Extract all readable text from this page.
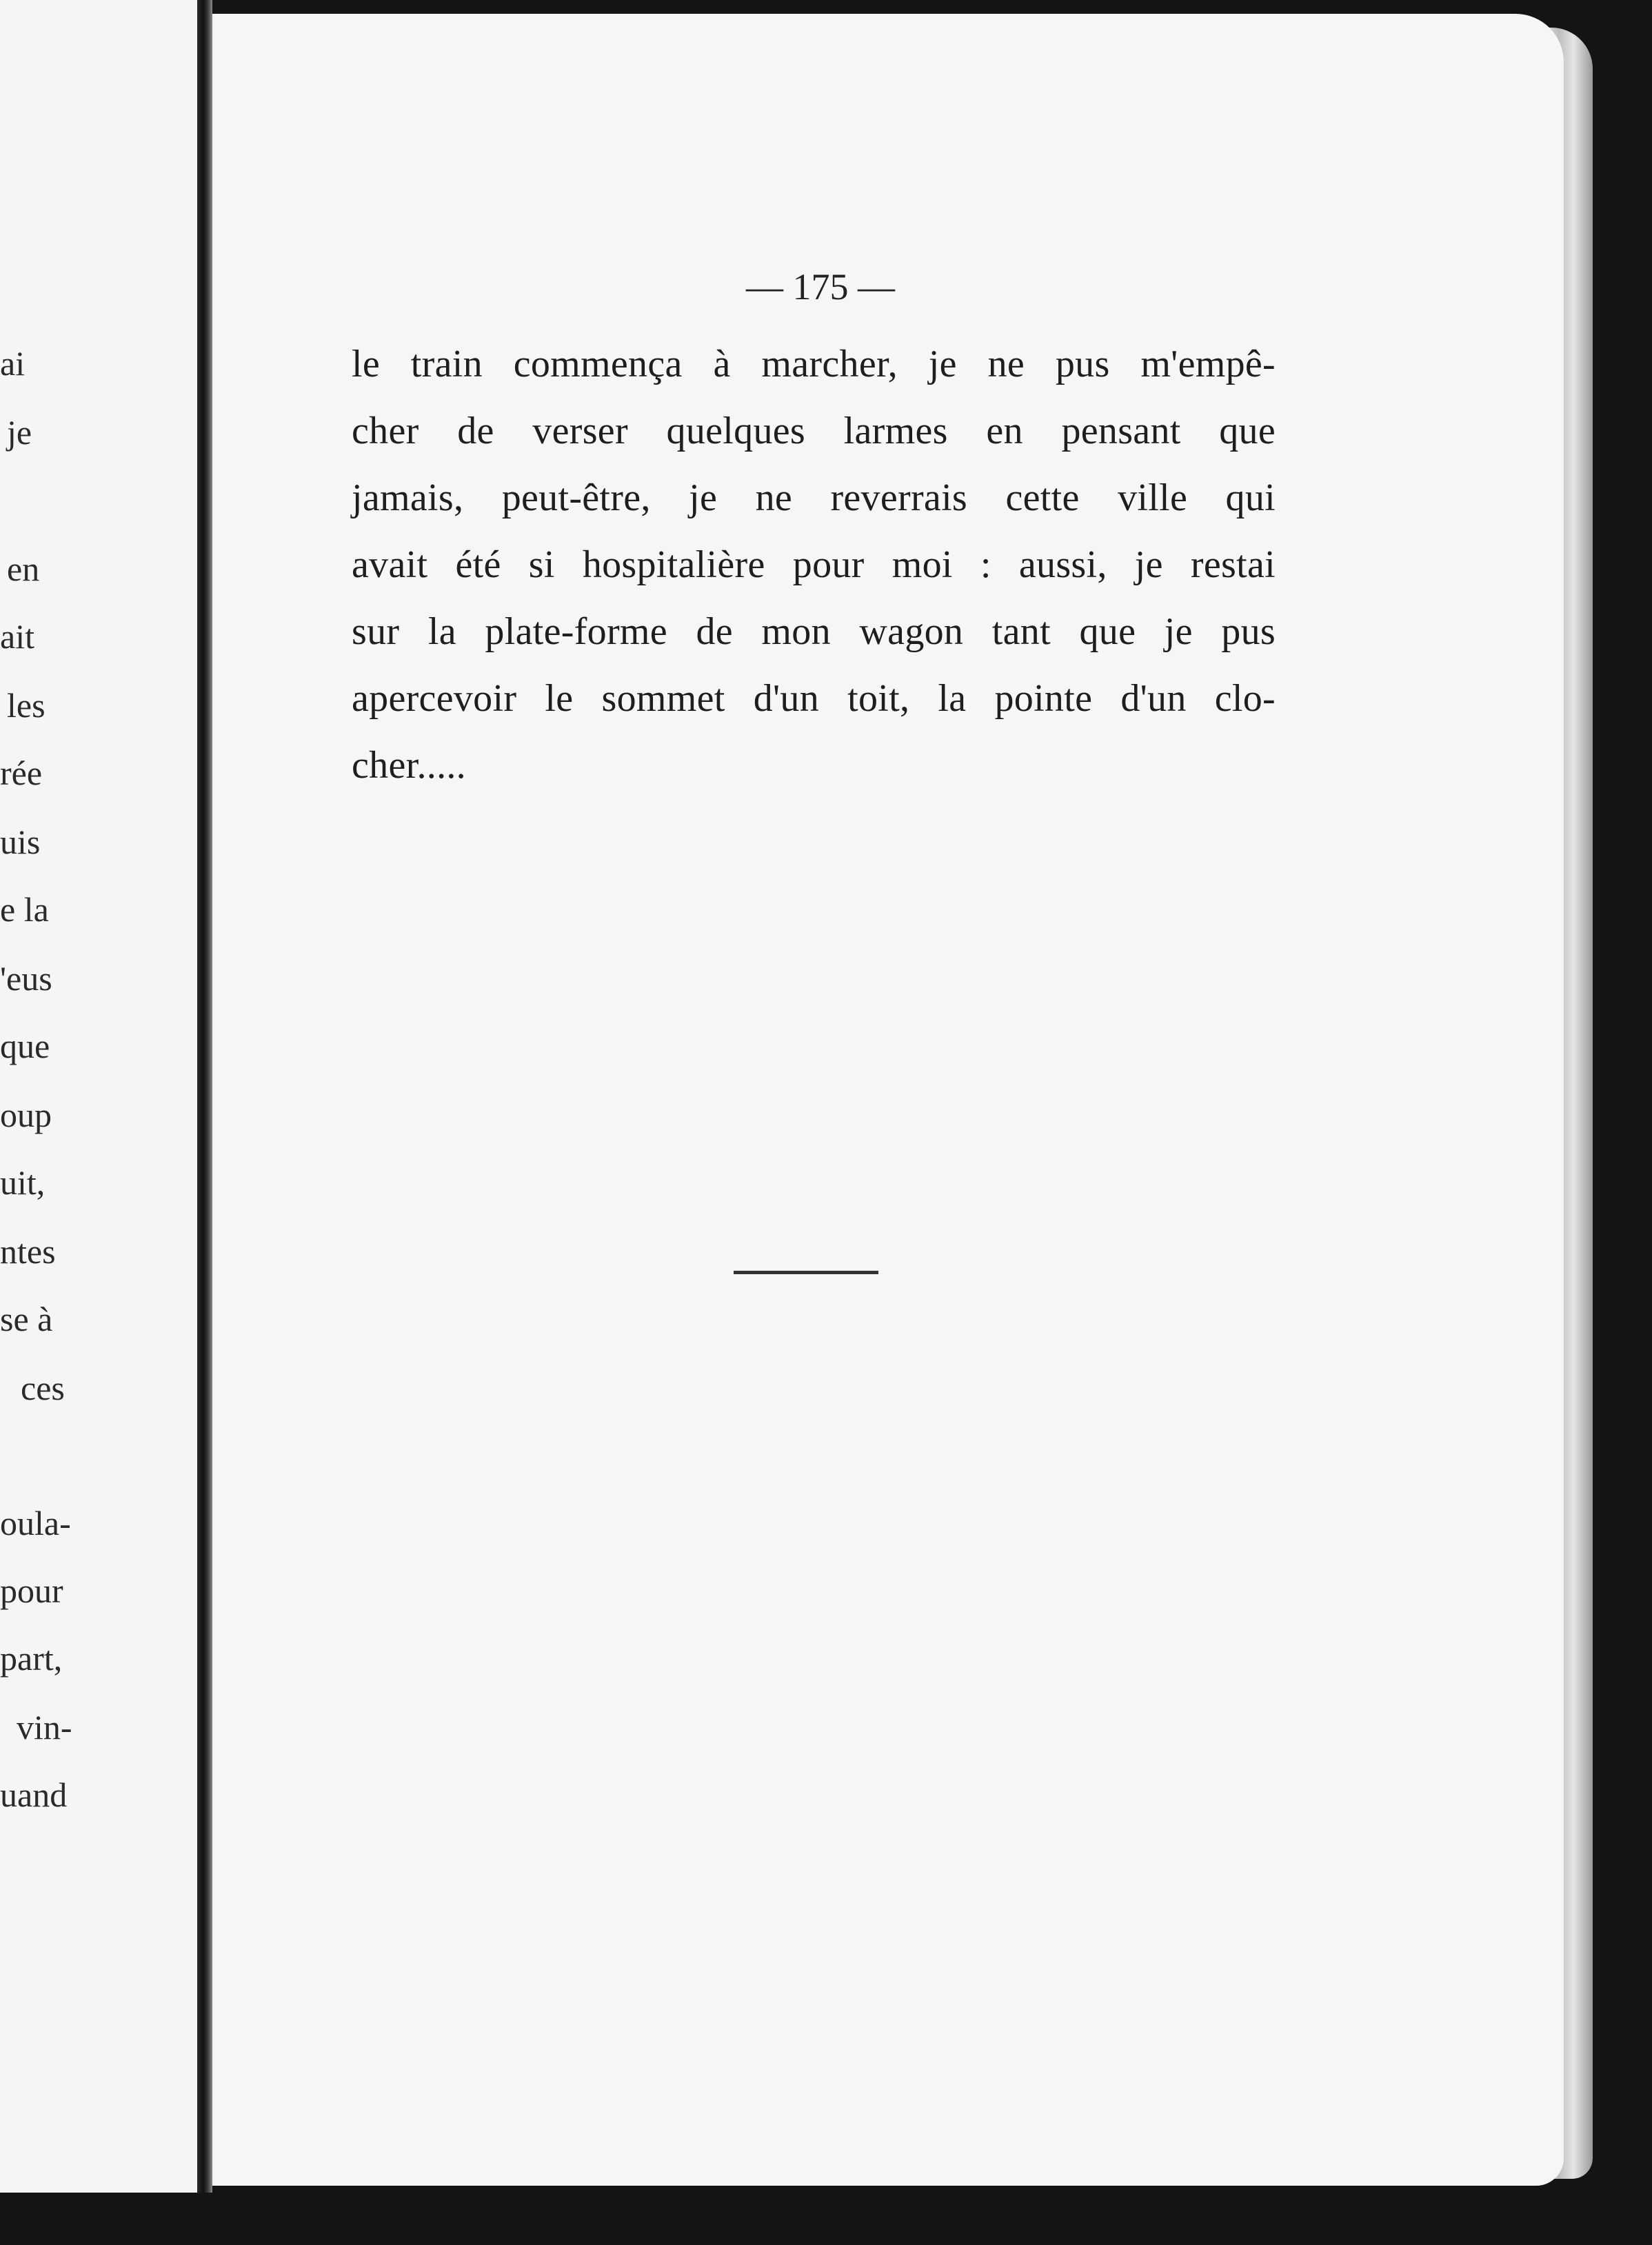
ai
je
en
ait
les
rée
uis
e la
'eus
que
oup
uit,
ntes
se à
ces
oula-
pour
part,
vin-
uand
— 175 —
le train commença à marcher, je ne pus m'empê-
cher de verser quelques larmes en pensant que
jamais, peut-être, je ne reverrais cette ville qui
avait été si hospitalière pour moi : aussi, je restai
sur la plate-forme de mon wagon tant que je pus
apercevoir le sommet d'un toit, la pointe d'un clo-
cher.....
